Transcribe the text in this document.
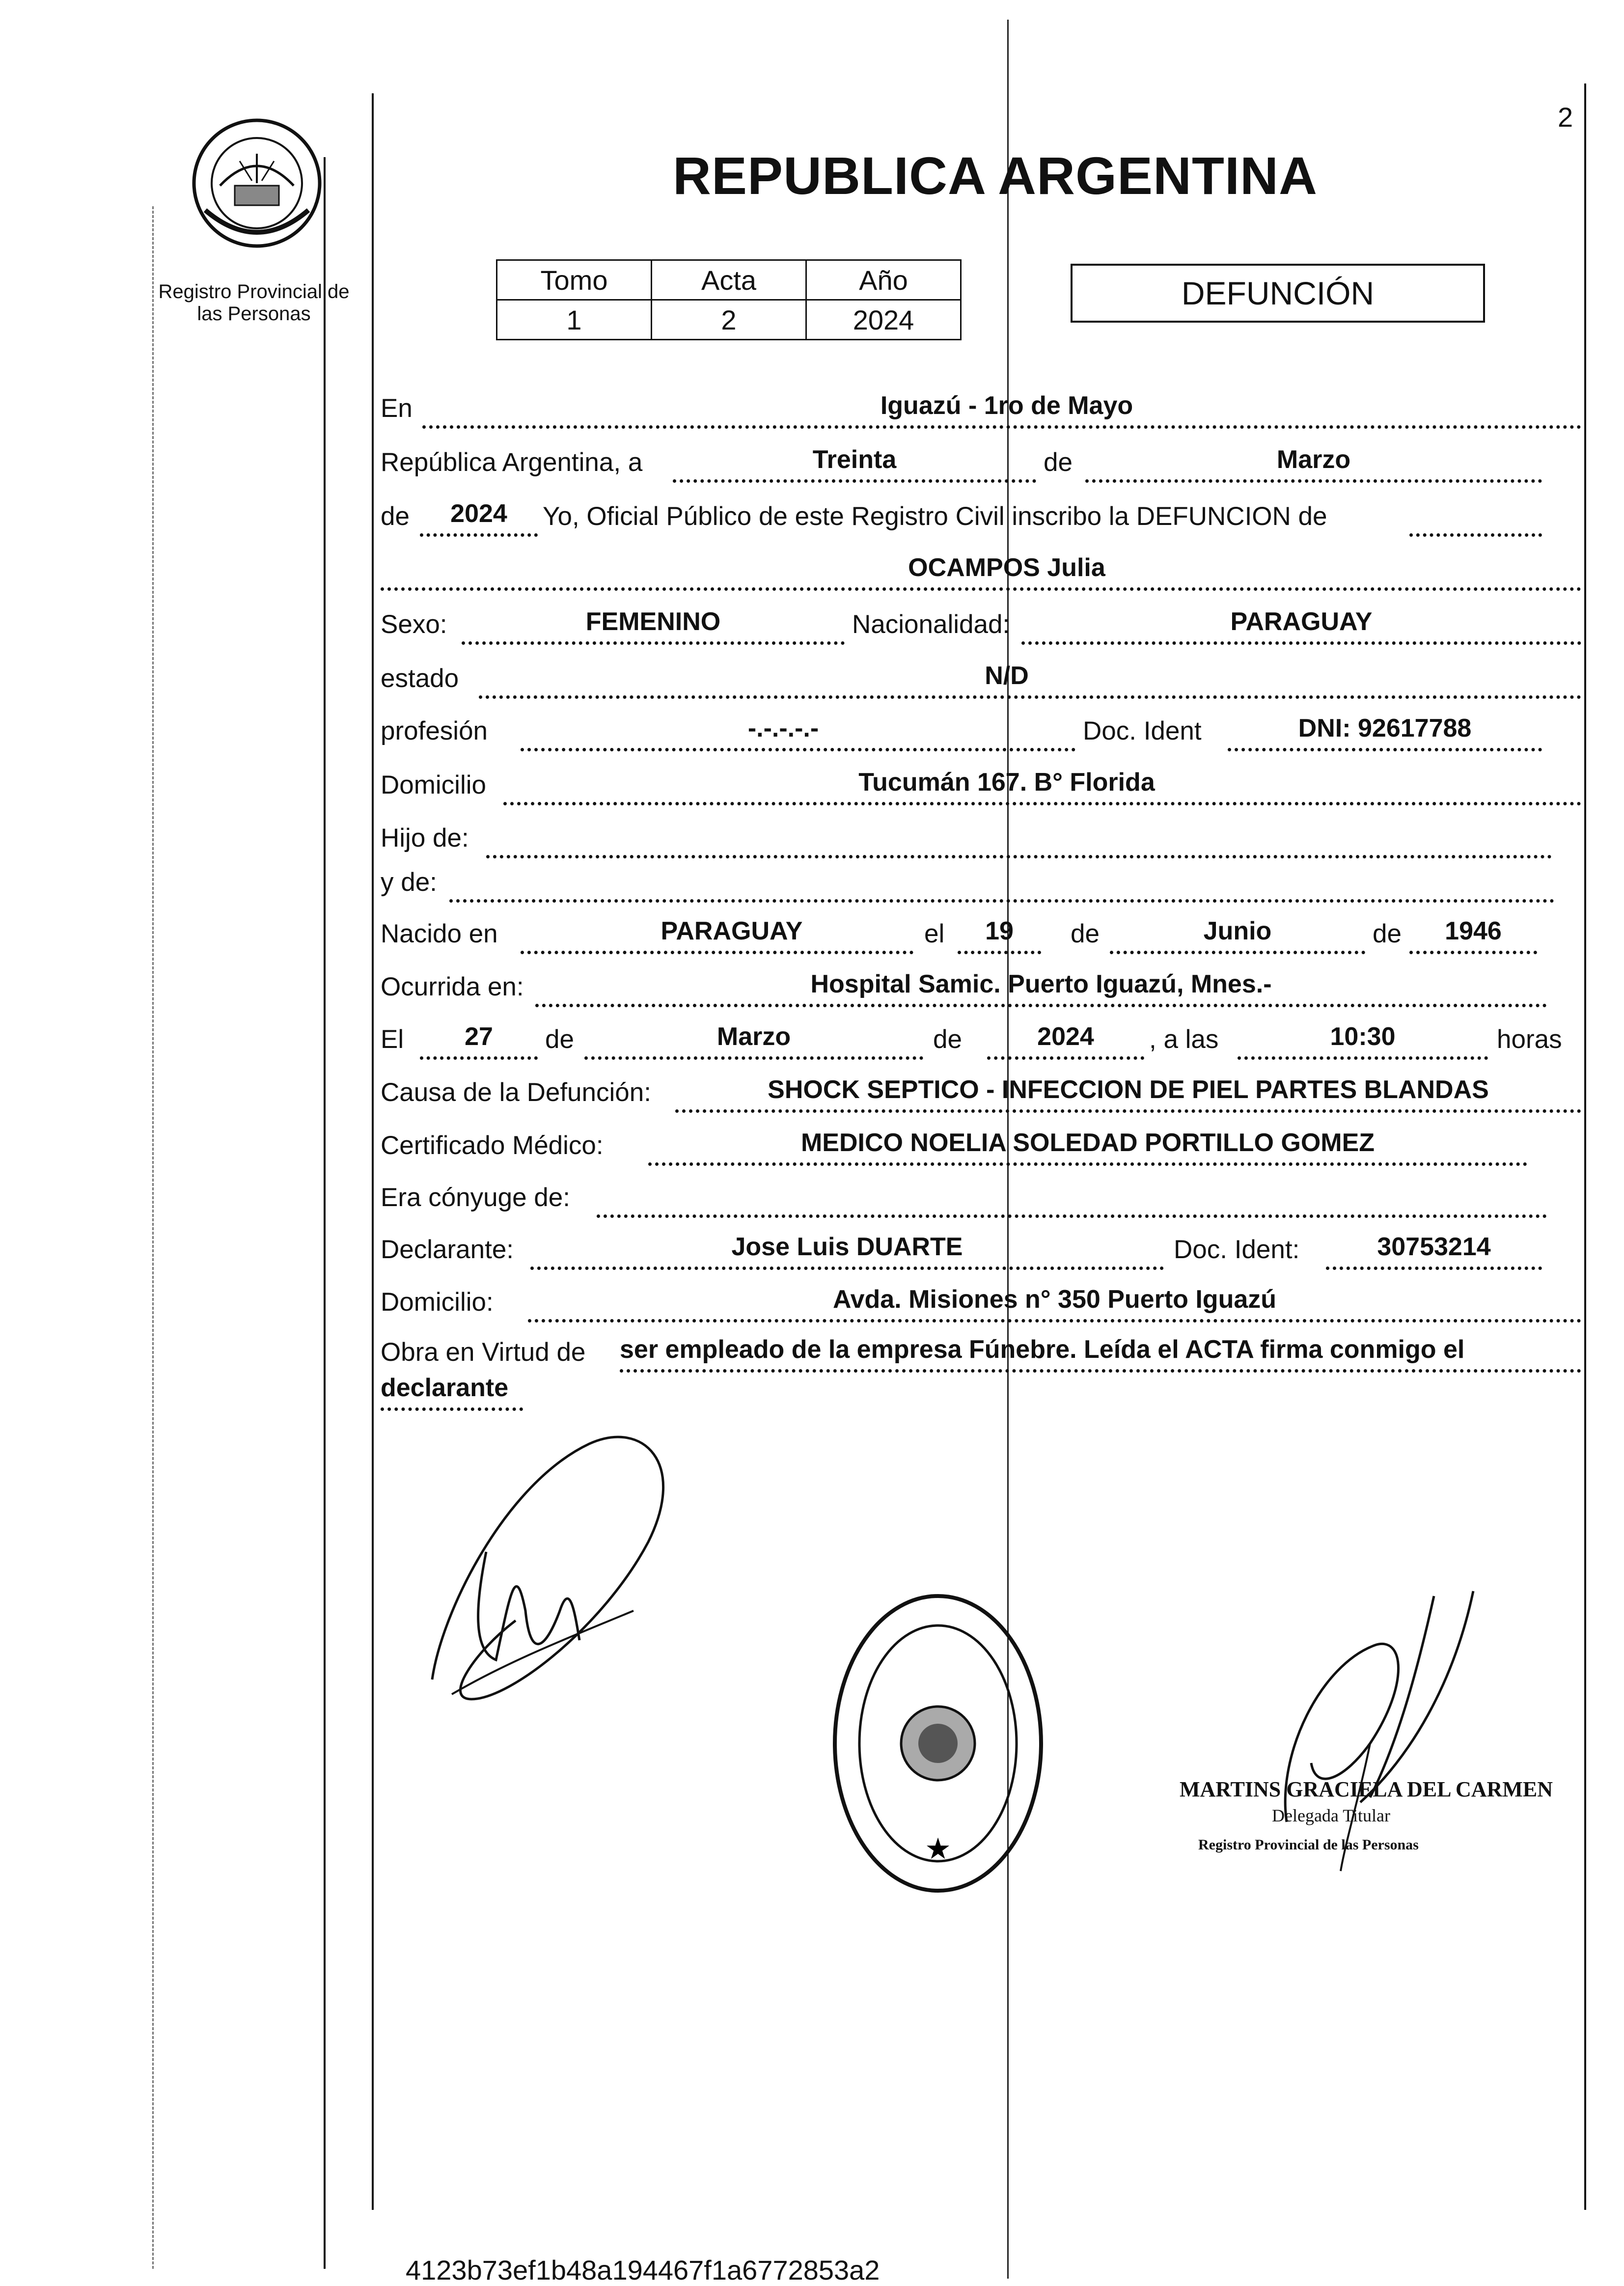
2
Registro Provincial de
las Personas
REPUBLICA ARGENTINA
Tomo	Acta	Año
1	2	2024
DEFUNCIÓN
En	Iguazú - 1ro de Mayo
República Argentina, a	Treinta	de	Marzo
de	2024	Yo, Oficial Público de este Registro Civil inscribo la DEFUNCION de
OCAMPOS Julia
Sexo:	FEMENINO	Nacionalidad:	PARAGUAY
estado	N/D
profesión	-.-.-.-.-	Doc. Ident	DNI: 92617788
Domicilio	Tucumán 167. B° Florida
Hijo de:
y de:
Nacido en	PARAGUAY	el	19	de	Junio	de	1946
Ocurrida en:	Hospital Samic. Puerto Iguazú, Mnes.-
El	27	de	Marzo	de	2024	, a las	10:30	horas
Causa de la Defunción:	SHOCK SEPTICO - INFECCION DE PIEL PARTES BLANDAS
Certificado Médico:	MEDICO NOELIA SOLEDAD PORTILLO GOMEZ
Era cónyuge de:
Declarante:	Jose Luis DUARTE	Doc. Ident:	30753214
Domicilio:	Avda. Misiones n° 350 Puerto Iguazú
Obra en Virtud de ser empleado de la empresa Fúnebre. Leída el ACTA firma conmigo el
declarante
★
MARTINS GRACIELA DEL CARMEN
Delegada Titular
Registro Provincial de las Personas
4123b73ef1b48a194467f1a6772853a2
